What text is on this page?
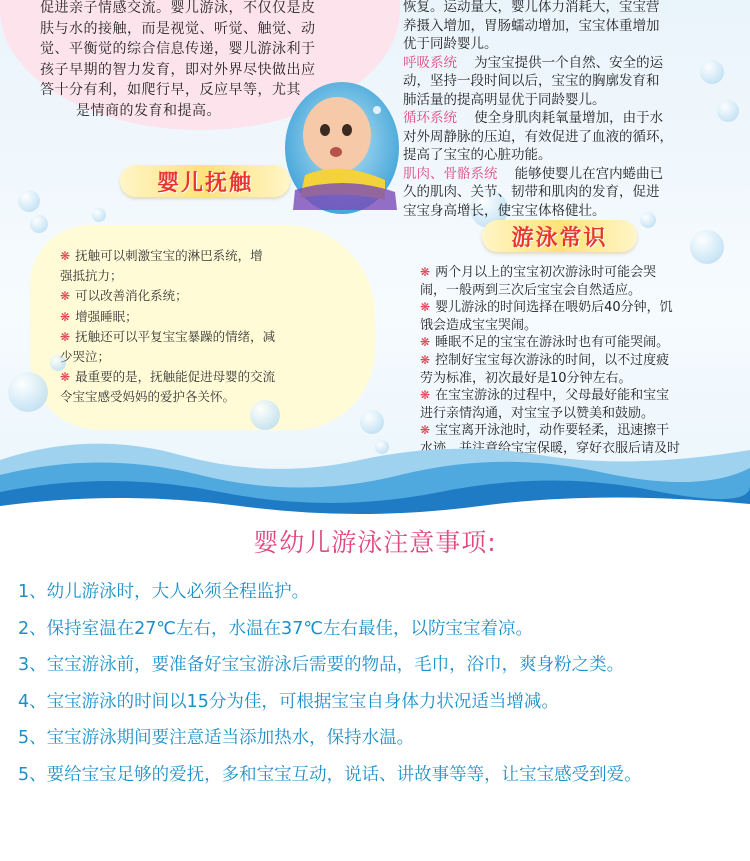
促进亲子情感交流。婴儿游泳，不仅仅是皮

肤与水的接触，而是视觉、听觉、触觉、动

觉、平衡觉的综合信息传递，婴儿游泳利于

孩子早期的智力发育，即对外界尽快做出应

答十分有利，如爬行早，反应早等，尤其

是情商的发育和提高。

恢复。运动量大，婴儿体力消耗大，宝宝营

养摄入增加，胃肠蠕动增加，宝宝体重增加

优于同龄婴儿。

呼吸系统 为宝宝提供一个自然、安全的运

动，坚持一段时间以后，宝宝的胸廓发育和

肺活量的提高明显优于同龄婴儿。

循环系统 使全身肌肉耗氧量增加，由于水

对外周静脉的压迫，有效促进了血液的循环，

提高了宝宝的心脏功能。

肌肉、骨骼系统 能够使婴儿在宫内蜷曲已

久的肌肉、关节、韧带和肌肉的发育，促进

宝宝身高增长，使宝宝体格健壮。

婴儿抚触
游泳常识
❋ 抚触可以刺激宝宝的淋巴系统，增
强抵抗力；
❋ 可以改善消化系统；
❋ 增强睡眠；
❋ 抚触还可以平复宝宝暴躁的情绪，减
少哭泣；
❋ 最重要的是，抚触能促进母婴的交流
令宝宝感受妈妈的爱护各关怀。
❋ 两个月以上的宝宝初次游泳时可能会哭
闹，一般两到三次后宝宝会自然适应。
❋ 婴儿游泳的时间选择在喂奶后40分钟，饥
饿会造成宝宝哭闹。
❋ 睡眠不足的宝宝在游泳时也有可能哭闹。
❋ 控制好宝宝每次游泳的时间，以不过度疲
劳为标准，初次最好是10分钟左右。
❋ 在宝宝游泳的过程中，父母最好能和宝宝
进行亲情沟通，对宝宝予以赞美和鼓励。
❋ 宝宝离开泳池时，动作要轻柔，迅速擦干
水迹，并注意给宝宝保暖，穿好衣服后请及时
婴幼儿游泳注意事项:
1、幼儿游泳时，大人必须全程监护。
2、保持室温在27℃左右，水温在37℃左右最佳，以防宝宝着凉。
3、宝宝游泳前，要准备好宝宝游泳后需要的物品，毛巾，浴巾，爽身粉之类。
4、宝宝游泳的时间以15分为佳，可根据宝宝自身体力状况适当增减。
5、宝宝游泳期间要注意适当添加热水，保持水温。
5、要给宝宝足够的爱抚，多和宝宝互动，说话、讲故事等等，让宝宝感受到爱。
